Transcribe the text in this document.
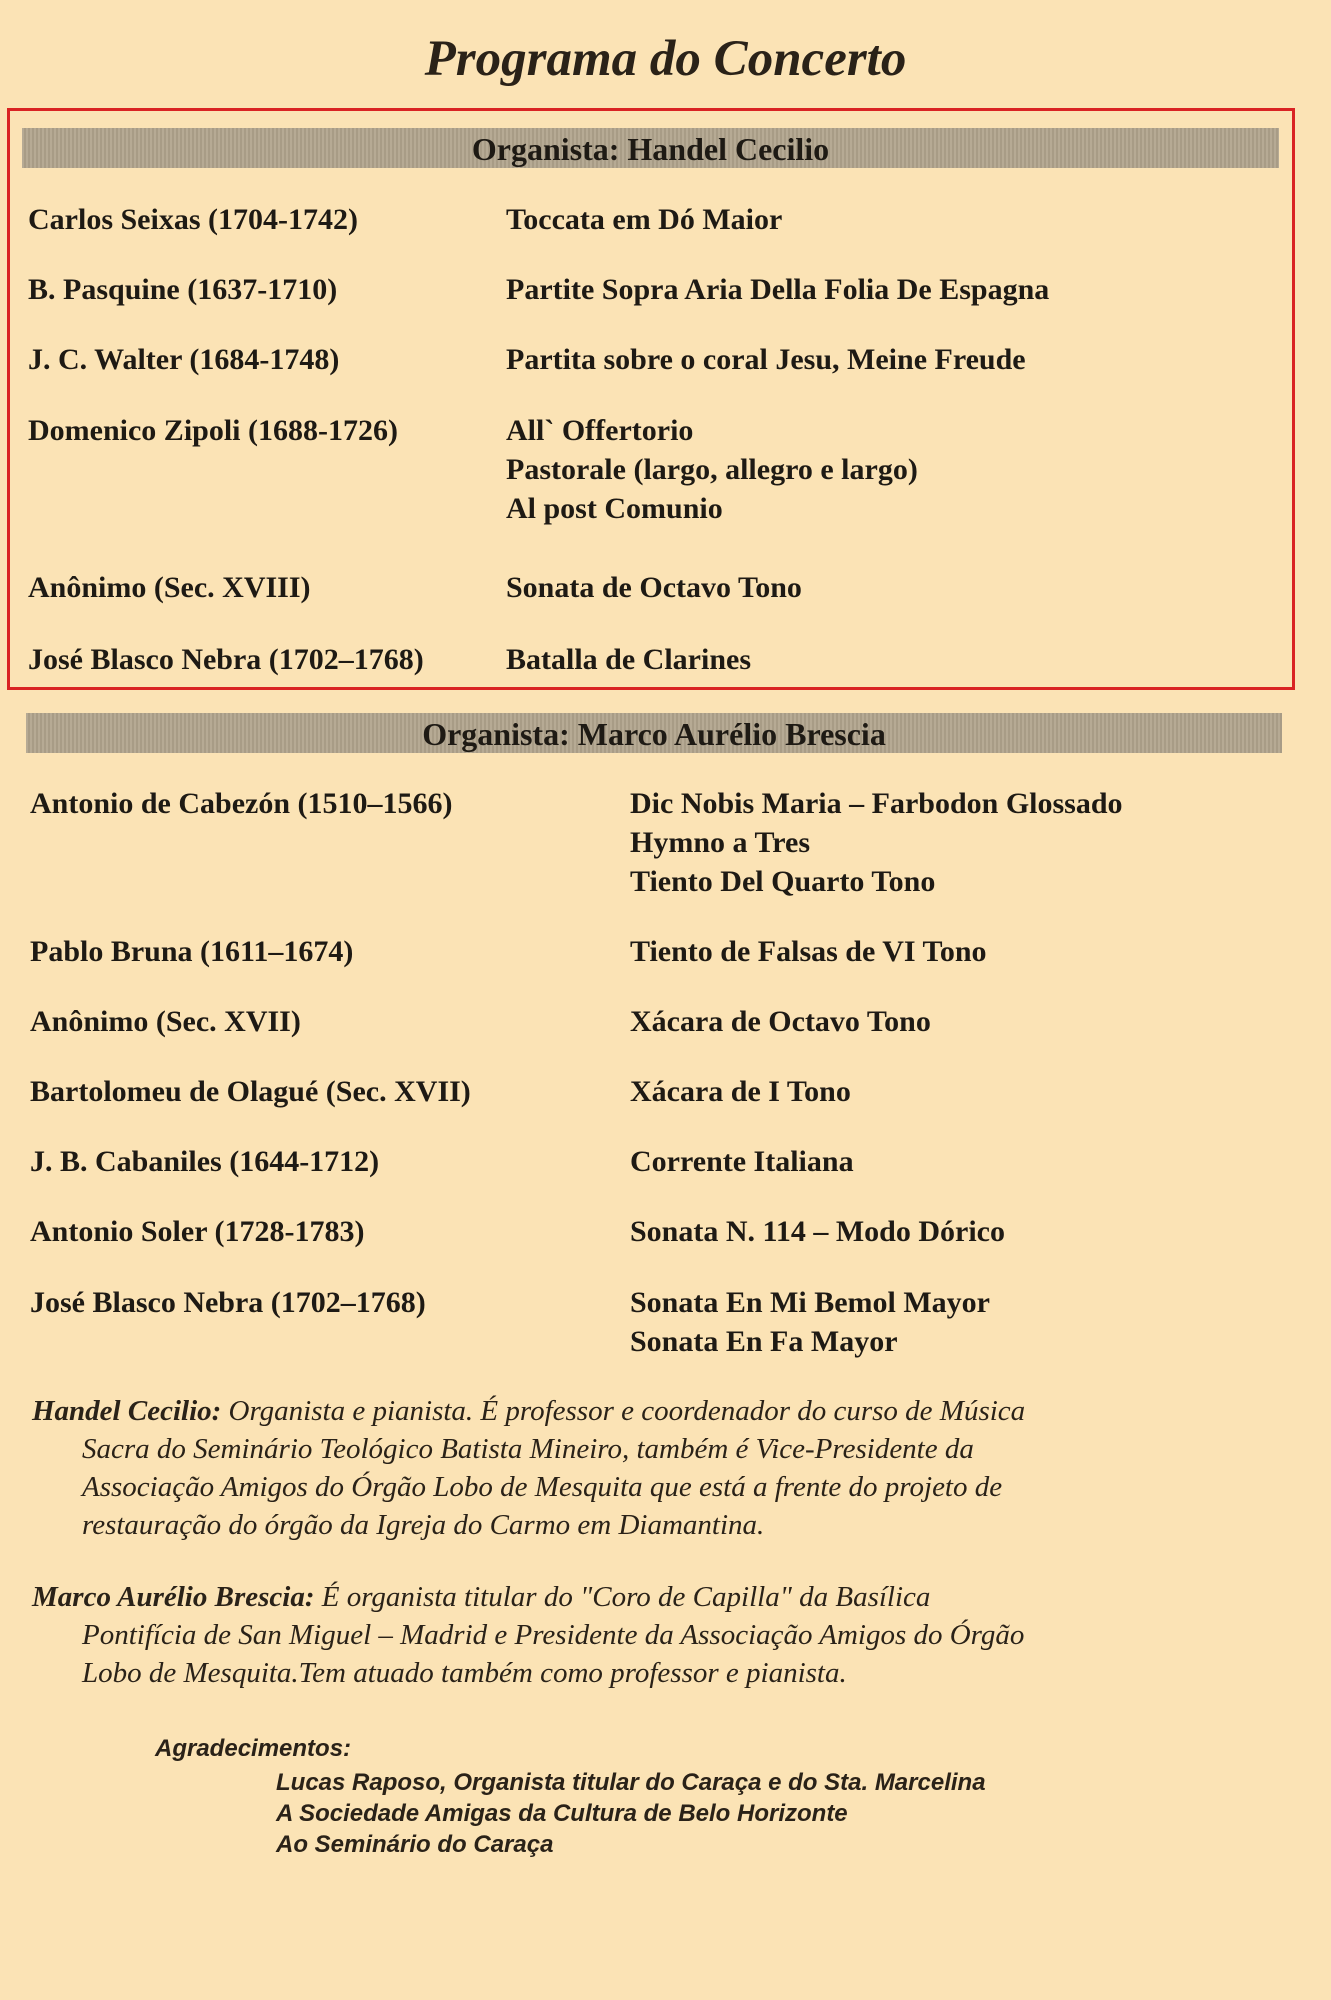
Programa do Concerto
Organista: Handel Cecilio
Carlos Seixas (1704-1742)	Toccata em Dó Maior
B. Pasquine (1637-1710)	Partite Sopra Aria Della Folia De Espagna
J. C. Walter (1684-1748)	Partita sobre o coral Jesu, Meine Freude
Domenico Zipoli (1688-1726)	All` Offertorio
Pastorale (largo, allegro e largo)
Al post Comunio
Anônimo (Sec. XVIII)	Sonata de Octavo Tono
José Blasco Nebra (1702–1768)	Batalla de Clarines
Organista: Marco Aurélio Brescia
Antonio de Cabezón (1510–1566)	Dic Nobis Maria – Farbodon Glossado
Hymno a Tres
Tiento Del Quarto Tono
Pablo Bruna (1611–1674)	Tiento de Falsas de VI Tono
Anônimo (Sec. XVII)	Xácara de Octavo Tono
Bartolomeu de Olagué (Sec. XVII)	Xácara de I Tono
J. B. Cabaniles (1644-1712)	Corrente Italiana
Antonio Soler (1728-1783)	Sonata N. 114 – Modo Dórico
José Blasco Nebra (1702–1768)	Sonata En Mi Bemol Mayor
Sonata En Fa Mayor
Handel Cecilio: Organista e pianista. É professor e coordenador do curso de Música
Sacra do Seminário Teológico Batista Mineiro, também é Vice-Presidente da
Associação Amigos do Órgão Lobo de Mesquita que está a frente do projeto de
restauração do órgão da Igreja do Carmo em Diamantina.
Marco Aurélio Brescia: É organista titular do "Coro de Capilla" da Basílica
Pontifícia de San Miguel – Madrid e Presidente da Associação Amigos do Órgão
Lobo de Mesquita.Tem atuado também como professor e pianista.
Agradecimentos:
Lucas Raposo, Organista titular do Caraça e do Sta. Marcelina
A Sociedade Amigas da Cultura de Belo Horizonte
Ao Seminário do Caraça
